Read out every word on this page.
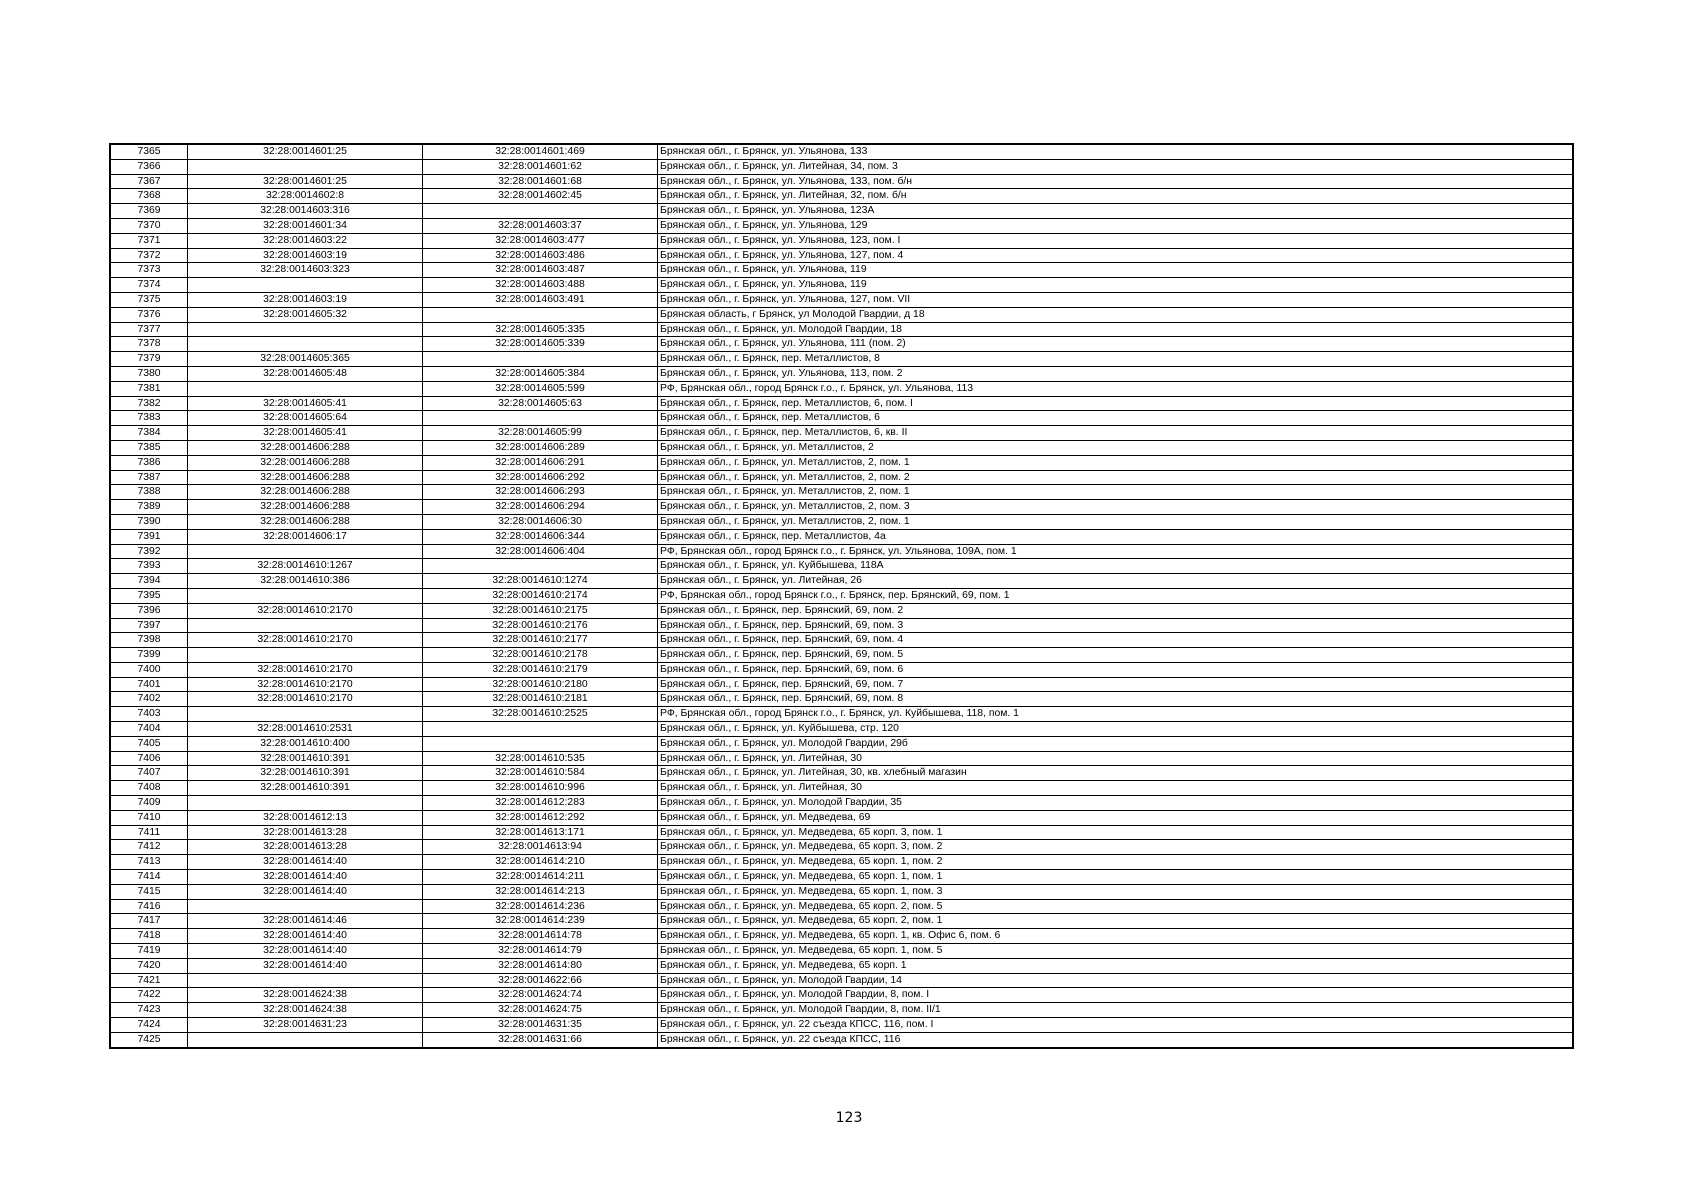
7365	32:28:0014601:25	32:28:0014601:469	Брянская обл., г. Брянск, ул. Ульянова, 133
7366		32:28:0014601:62	Брянская обл., г. Брянск, ул. Литейная, 34, пом. 3
7367	32:28:0014601:25	32:28:0014601:68	Брянская обл., г. Брянск, ул. Ульянова, 133, пом. б/н
7368	32:28:0014602:8	32:28:0014602:45	Брянская обл., г. Брянск, ул. Литейная, 32, пом. б/н
7369	32:28:0014603:316		Брянская обл., г. Брянск, ул. Ульянова, 123А
7370	32:28:0014601:34	32:28:0014603:37	Брянская обл., г. Брянск, ул. Ульянова, 129
7371	32:28:0014603:22	32:28:0014603:477	Брянская обл., г. Брянск, ул. Ульянова, 123, пом. I
7372	32:28:0014603:19	32:28:0014603:486	Брянская обл., г. Брянск, ул. Ульянова, 127, пом. 4
7373	32:28:0014603:323	32:28:0014603:487	Брянская обл., г. Брянск, ул. Ульянова, 119
7374		32:28:0014603:488	Брянская обл., г. Брянск, ул. Ульянова, 119
7375	32:28:0014603:19	32:28:0014603:491	Брянская обл., г. Брянск, ул. Ульянова, 127, пом. VII
7376	32:28:0014605:32		Брянская область, г Брянск, ул Молодой Гвардии, д 18
7377		32:28:0014605:335	Брянская обл., г. Брянск, ул. Молодой Гвардии, 18
7378		32:28:0014605:339	Брянская обл., г. Брянск, ул. Ульянова, 111 (пом. 2)
7379	32:28:0014605:365		Брянская обл., г. Брянск, пер. Металлистов, 8
7380	32:28:0014605:48	32:28:0014605:384	Брянская обл., г. Брянск, ул. Ульянова, 113, пом. 2
7381		32:28:0014605:599	РФ, Брянская обл., город Брянск г.о., г. Брянск, ул. Ульянова, 113
7382	32:28:0014605:41	32:28:0014605:63	Брянская обл., г. Брянск, пер. Металлистов, 6, пом. I
7383	32:28:0014605:64		Брянская обл., г. Брянск, пер. Металлистов, 6
7384	32:28:0014605:41	32:28:0014605:99	Брянская обл., г. Брянск, пер. Металлистов, 6, кв. II
7385	32:28:0014606:288	32:28:0014606:289	Брянская обл., г. Брянск, ул. Металлистов, 2
7386	32:28:0014606:288	32:28:0014606:291	Брянская обл., г. Брянск, ул. Металлистов, 2, пом. 1
7387	32:28:0014606:288	32:28:0014606:292	Брянская обл., г. Брянск, ул. Металлистов, 2, пом. 2
7388	32:28:0014606:288	32:28:0014606:293	Брянская обл., г. Брянск, ул. Металлистов, 2, пом. 1
7389	32:28:0014606:288	32:28:0014606:294	Брянская обл., г. Брянск, ул. Металлистов, 2, пом. 3
7390	32:28:0014606:288	32:28:0014606:30	Брянская обл., г. Брянск, ул. Металлистов, 2, пом. 1
7391	32:28:0014606:17	32:28:0014606:344	Брянская обл., г. Брянск, пер. Металлистов, 4а
7392		32:28:0014606:404	РФ, Брянская обл., город Брянск г.о., г. Брянск, ул. Ульянова, 109А, пом. 1
7393	32:28:0014610:1267		Брянская обл., г. Брянск, ул. Куйбышева, 118А
7394	32:28:0014610:386	32:28:0014610:1274	Брянская обл., г. Брянск, ул. Литейная, 26
7395		32:28:0014610:2174	РФ, Брянская обл., город Брянск г.о., г. Брянск, пер. Брянский, 69, пом. 1
7396	32:28:0014610:2170	32:28:0014610:2175	Брянская обл., г. Брянск, пер. Брянский, 69, пом. 2
7397		32:28:0014610:2176	Брянская обл., г. Брянск, пер. Брянский, 69, пом. 3
7398	32:28:0014610:2170	32:28:0014610:2177	Брянская обл., г. Брянск, пер. Брянский, 69, пом. 4
7399		32:28:0014610:2178	Брянская обл., г. Брянск, пер. Брянский, 69, пом. 5
7400	32:28:0014610:2170	32:28:0014610:2179	Брянская обл., г. Брянск, пер. Брянский, 69, пом. 6
7401	32:28:0014610:2170	32:28:0014610:2180	Брянская обл., г. Брянск, пер. Брянский, 69, пом. 7
7402	32:28:0014610:2170	32:28:0014610:2181	Брянская обл., г. Брянск, пер. Брянский, 69, пом. 8
7403		32:28:0014610:2525	РФ, Брянская обл., город Брянск г.о., г. Брянск, ул. Куйбышева, 118, пом. 1
7404	32:28:0014610:2531		Брянская обл., г. Брянск, ул. Куйбышева, стр. 120
7405	32:28:0014610:400		Брянская обл., г. Брянск, ул. Молодой Гвардии, 29б
7406	32:28:0014610:391	32:28:0014610:535	Брянская обл., г. Брянск, ул. Литейная, 30
7407	32:28:0014610:391	32:28:0014610:584	Брянская обл., г. Брянск, ул. Литейная, 30, кв. хлебный магазин
7408	32:28:0014610:391	32:28:0014610:996	Брянская обл., г. Брянск, ул. Литейная, 30
7409		32:28:0014612:283	Брянская обл., г. Брянск, ул. Молодой Гвардии, 35
7410	32:28:0014612:13	32:28:0014612:292	Брянская обл., г. Брянск, ул. Медведева, 69
7411	32:28:0014613:28	32:28:0014613:171	Брянская обл., г. Брянск, ул. Медведева, 65 корп. 3, пом. 1
7412	32:28:0014613:28	32:28:0014613:94	Брянская обл., г. Брянск, ул. Медведева, 65 корп. 3, пом. 2
7413	32:28:0014614:40	32:28:0014614:210	Брянская обл., г. Брянск, ул. Медведева, 65 корп. 1, пом. 2
7414	32:28:0014614:40	32:28:0014614:211	Брянская обл., г. Брянск, ул. Медведева, 65 корп. 1, пом. 1
7415	32:28:0014614:40	32:28:0014614:213	Брянская обл., г. Брянск, ул. Медведева, 65 корп. 1, пом. 3
7416		32:28:0014614:236	Брянская обл., г. Брянск, ул. Медведева, 65 корп. 2, пом. 5
7417	32:28:0014614:46	32:28:0014614:239	Брянская обл., г. Брянск, ул. Медведева, 65 корп. 2, пом. 1
7418	32:28:0014614:40	32:28:0014614:78	Брянская обл., г. Брянск, ул. Медведева, 65 корп. 1, кв. Офис 6, пом. 6
7419	32:28:0014614:40	32:28:0014614:79	Брянская обл., г. Брянск, ул. Медведева, 65 корп. 1, пом. 5
7420	32:28:0014614:40	32:28:0014614:80	Брянская обл., г. Брянск, ул. Медведева, 65 корп. 1
7421		32:28:0014622:66	Брянская обл., г. Брянск, ул. Молодой Гвардии, 14
7422	32:28:0014624:38	32:28:0014624:74	Брянская обл., г. Брянск, ул. Молодой Гвардии, 8, пом. I
7423	32:28:0014624:38	32:28:0014624:75	Брянская обл., г. Брянск, ул. Молодой Гвардии, 8, пом. II/1
7424	32:28:0014631:23	32:28:0014631:35	Брянская обл., г. Брянск, ул. 22 съезда КПСС, 116, пом. I
7425		32:28:0014631:66	Брянская обл., г. Брянск, ул. 22 съезда КПСС, 116
123
